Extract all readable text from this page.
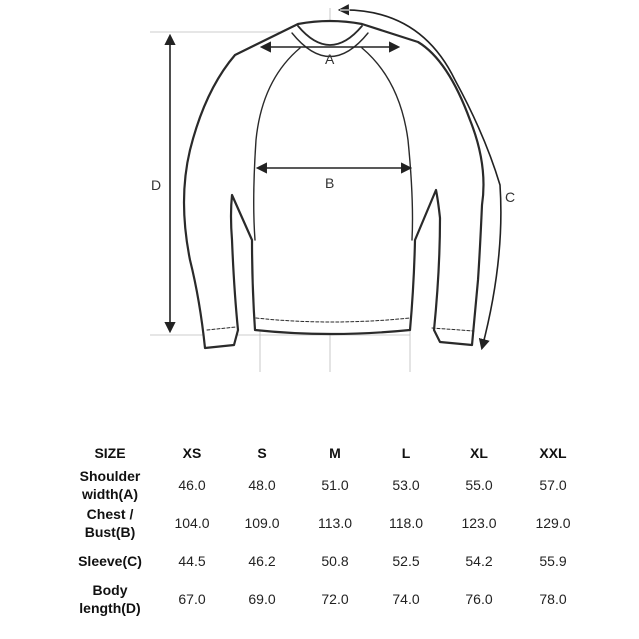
A
B
C
D
SIZE	XS	S	M	L	XL	XXL

Shoulder
width(A)	46.0	48.0	51.0	53.0	55.0	57.0

Chest /
Bust(B)	104.0	109.0	113.0	118.0	123.0	129.0

Sleeve(C)	44.5	46.2	50.8	52.5	54.2	55.9

Body
length(D)	67.0	69.0	72.0	74.0	76.0	78.0
